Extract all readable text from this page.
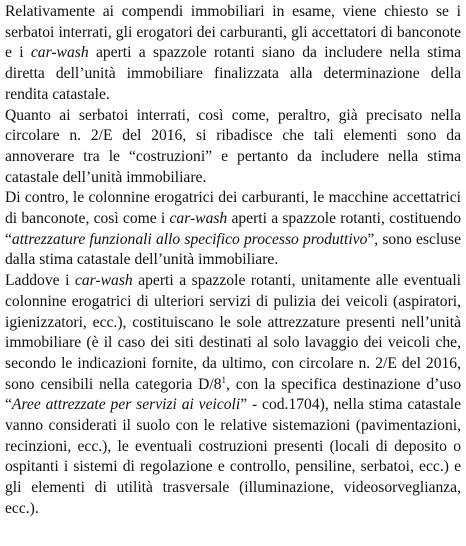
Relativamente ai compendi immobiliari in esame, viene chiesto se i serbatoi interrati, gli erogatori dei carburanti, gli accettatori di banconote e i car-wash aperti a spazzole rotanti siano da includere nella stima diretta dell’unità immobiliare finalizzata alla determinazione della rendita catastale.

Quanto ai serbatoi interrati, così come, peraltro, già precisato nella circolare n. 2/E del 2016, si ribadisce che tali elementi sono da annoverare tra le “costruzioni” e pertanto da includere nella stima catastale dell’unità immobiliare.

Di contro, le colonnine erogatrici dei carburanti, le macchine accettatrici di banconote, così come i car-wash aperti a spazzole rotanti, costituendo “attrezzature funzionali allo specifico processo produttivo”, sono escluse dalla stima catastale dell’unità immobiliare.

Laddove i car-wash aperti a spazzole rotanti, unitamente alle eventuali colonnine erogatrici di ulteriori servizi di pulizia dei veicoli (aspiratori, igienizzatori, ecc.), costituiscano le sole attrezzature presenti nell’unità immobiliare (è il caso dei siti destinati al solo lavaggio dei veicoli che, secondo le indicazioni fornite, da ultimo, con circolare n. 2/E del 2016, sono censibili nella categoria D/8$^1$, con la specifica destinazione d’uso “Aree attrezzate per servizi ai veicoli” - cod.1704), nella stima catastale vanno considerati il suolo con le relative sistemazioni (pavimentazioni, recinzioni, ecc.), le eventuali costruzioni presenti (locali di deposito o ospitanti i sistemi di regolazione e controllo, pensiline, serbatoi, ecc.) e gli elementi di utilità trasversale (illuminazione, videosorveglianza, ecc.).
